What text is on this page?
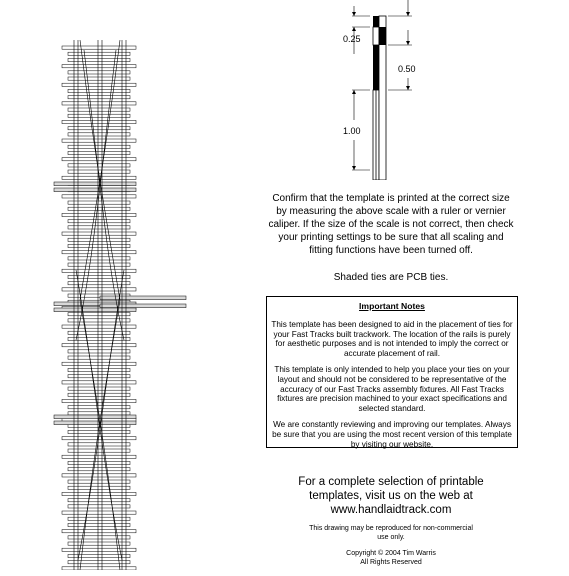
0.25
0.50
1.00
Confirm that the template is printed at the correct size by measuring the above scale with a ruler or vernier caliper. If the size of the scale is not correct, then check your printing settings to be sure that all scaling and fitting functions have been turned off.
Shaded ties are PCB ties.
Important Notes

This template has been designed to aid in the placement of ties for your Fast Tracks built trackwork. The location of the rails is purely for aesthetic purposes and is not intended to imply the correct or accurate placement of rail.

This template is only intended to help you place your ties on your layout and should not be considered to be representative of the accuracy of our Fast Tracks assembly fixtures. All Fast Tracks fixtures are precision machined to your exact specifications and selected standard.

We are constantly reviewing and improving our templates. Always be sure that you are using the most recent version of this template by visiting our website.

For a complete selection of printable
templates, visit us on the web at
www.handlaidtrack.com
This drawing may be reproduced for non-commercial
use only.
Copyright © 2004 Tim Warris
All Rights Reserved
